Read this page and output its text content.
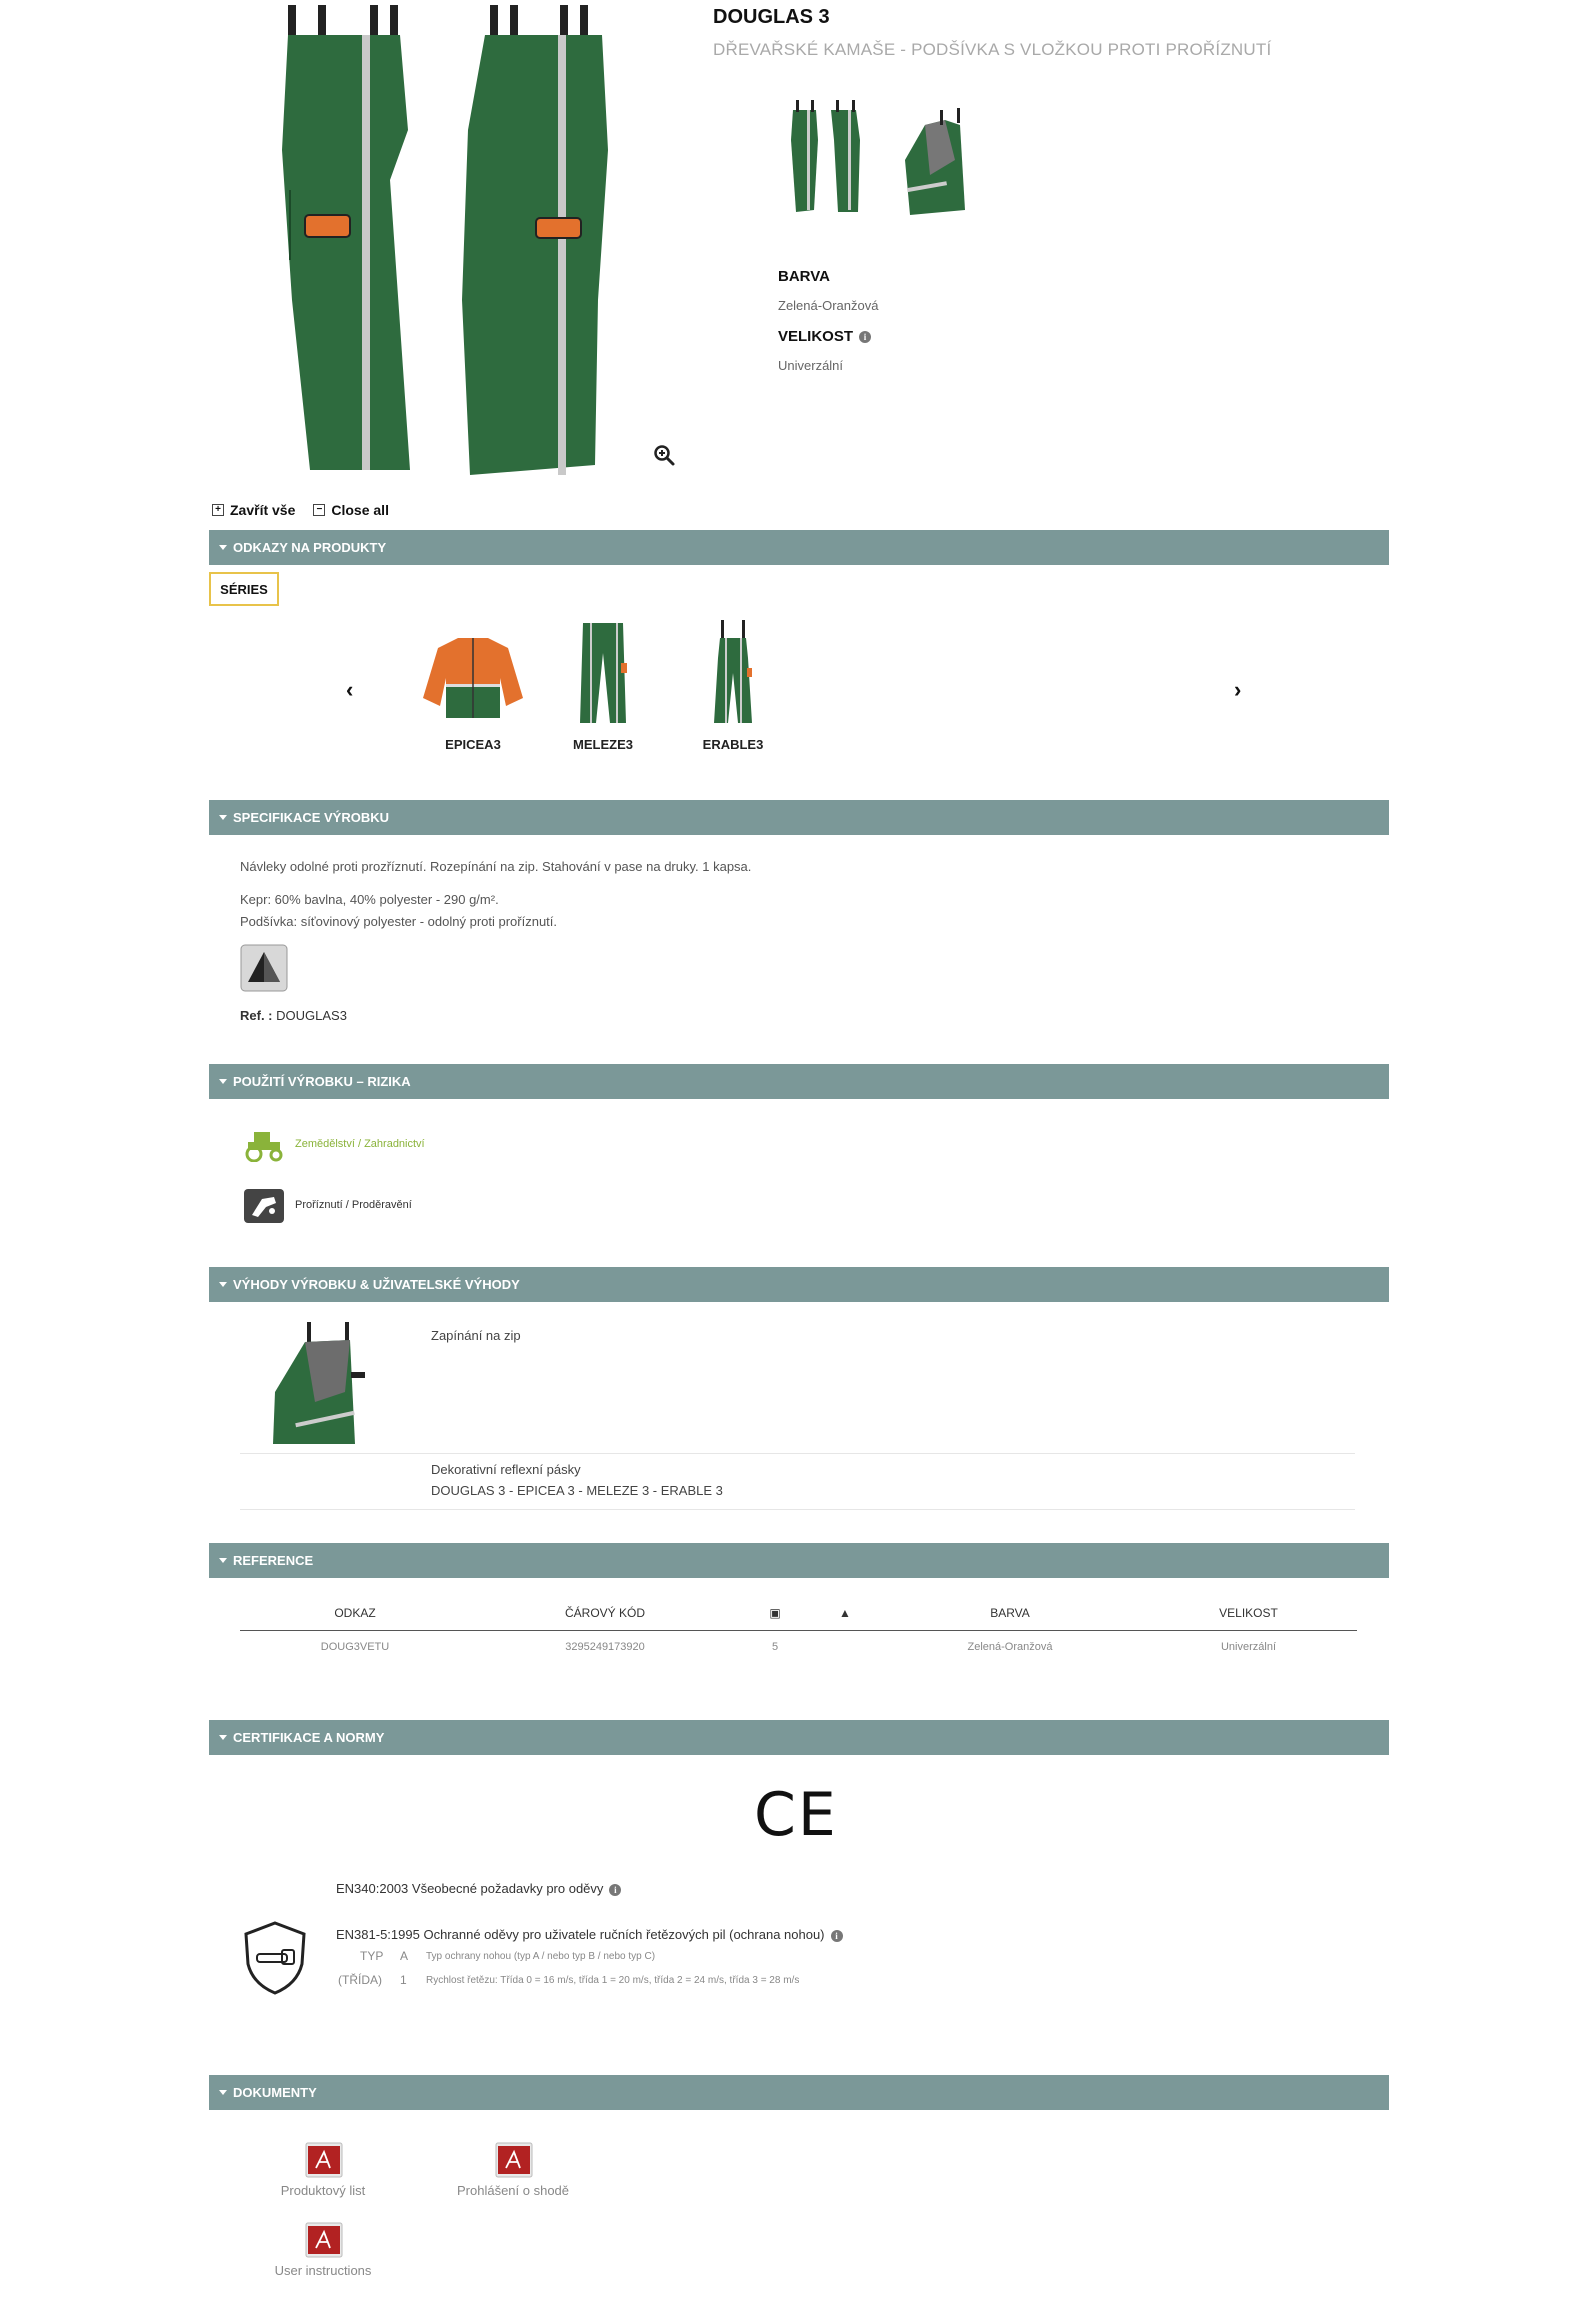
DOUGLAS 3
DŘEVAŘSKÉ KAMAŠE - PODŠÍVKA S VLOŽKOU PROTI PROŘÍZNUTÍ
BARVA
Zelená-Oranžová
VELIKOST i
Univerzální
+ Zavřít vše	− Close all
ODKAZY NA PRODUKTY
SÉRIES
‹	›
EPICEA3	MELEZE3	ERABLE3
SPECIFIKACE VÝROBKU
Návleky odolné proti prozříznutí. Rozepínání na zip. Stahování v pase na druky. 1 kapsa.
Kepr: 60% bavlna, 40% polyester - 290 g/m².
Podšívka: síťovinový polyester - odolný proti proříznutí.
Ref. : DOUGLAS3
POUŽITÍ VÝROBKU – RIZIKA
Zemědělství / Zahradnictví
Proříznutí / Proděravění
VÝHODY VÝROBKU & UŽIVATELSKÉ VÝHODY
Zapínání na zip
Dekorativní reflexní pásky
DOUGLAS 3 - EPICEA 3 - MELEZE 3 - ERABLE 3
REFERENCE
ODKAZ	ČÁROVÝ KÓD	▣	▲	BARVA	VELIKOST
DOUG3VETU	3295249173920	5		Zelená-Oranžová	Univerzální
CERTIFIKACE A NORMY
CE
EN340:2003 Všeobecné požadavky pro oděvy i
EN381-5:1995 Ochranné oděvy pro uživatele ručních řetězových pil (ochrana nohou) i
TYP A Typ ochrany nohou (typ A / nebo typ B / nebo typ C)
(TŘÍDA) 1 Rychlost řetězu: Třída 0 = 16 m/s, třída 1 = 20 m/s, třída 2 = 24 m/s, třída 3 = 28 m/s
DOKUMENTY
Produktový list	Prohlášení o shodě
User instructions
